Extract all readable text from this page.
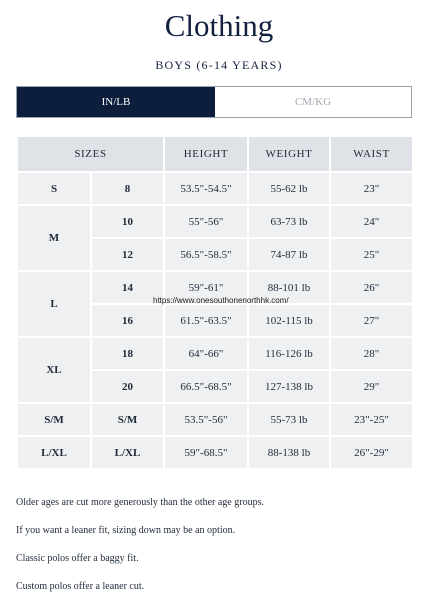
Clothing
BOYS (6-14 YEARS)
IN/LB	CM/KG
SIZES		HEIGHT	WEIGHT	WAIST
S	8	53.5"-54.5"	55-62 lb	23"
M	10	55"-56"	63-73 lb	24"
	12	56.5"-58.5"	74-87 lb	25"
L	14	59"-61"	88-101 lb	26"
	16	61.5"-63.5"	102-115 lb	27"
XL	18	64"-66"	116-126 lb	28"
	20	66.5"-68.5"	127-138 lb	29"
S/M	S/M	53.5"-56"	55-73 lb	23"-25"
L/XL	L/XL	59"-68.5"	88-138 lb	26"-29"
https://www.onesouthonenorthhk.com/

Older ages are cut more generously than the other age groups.

If you want a leaner fit, sizing down may be an option.

Classic polos offer a baggy fit.

Custom polos offer a leaner cut.
